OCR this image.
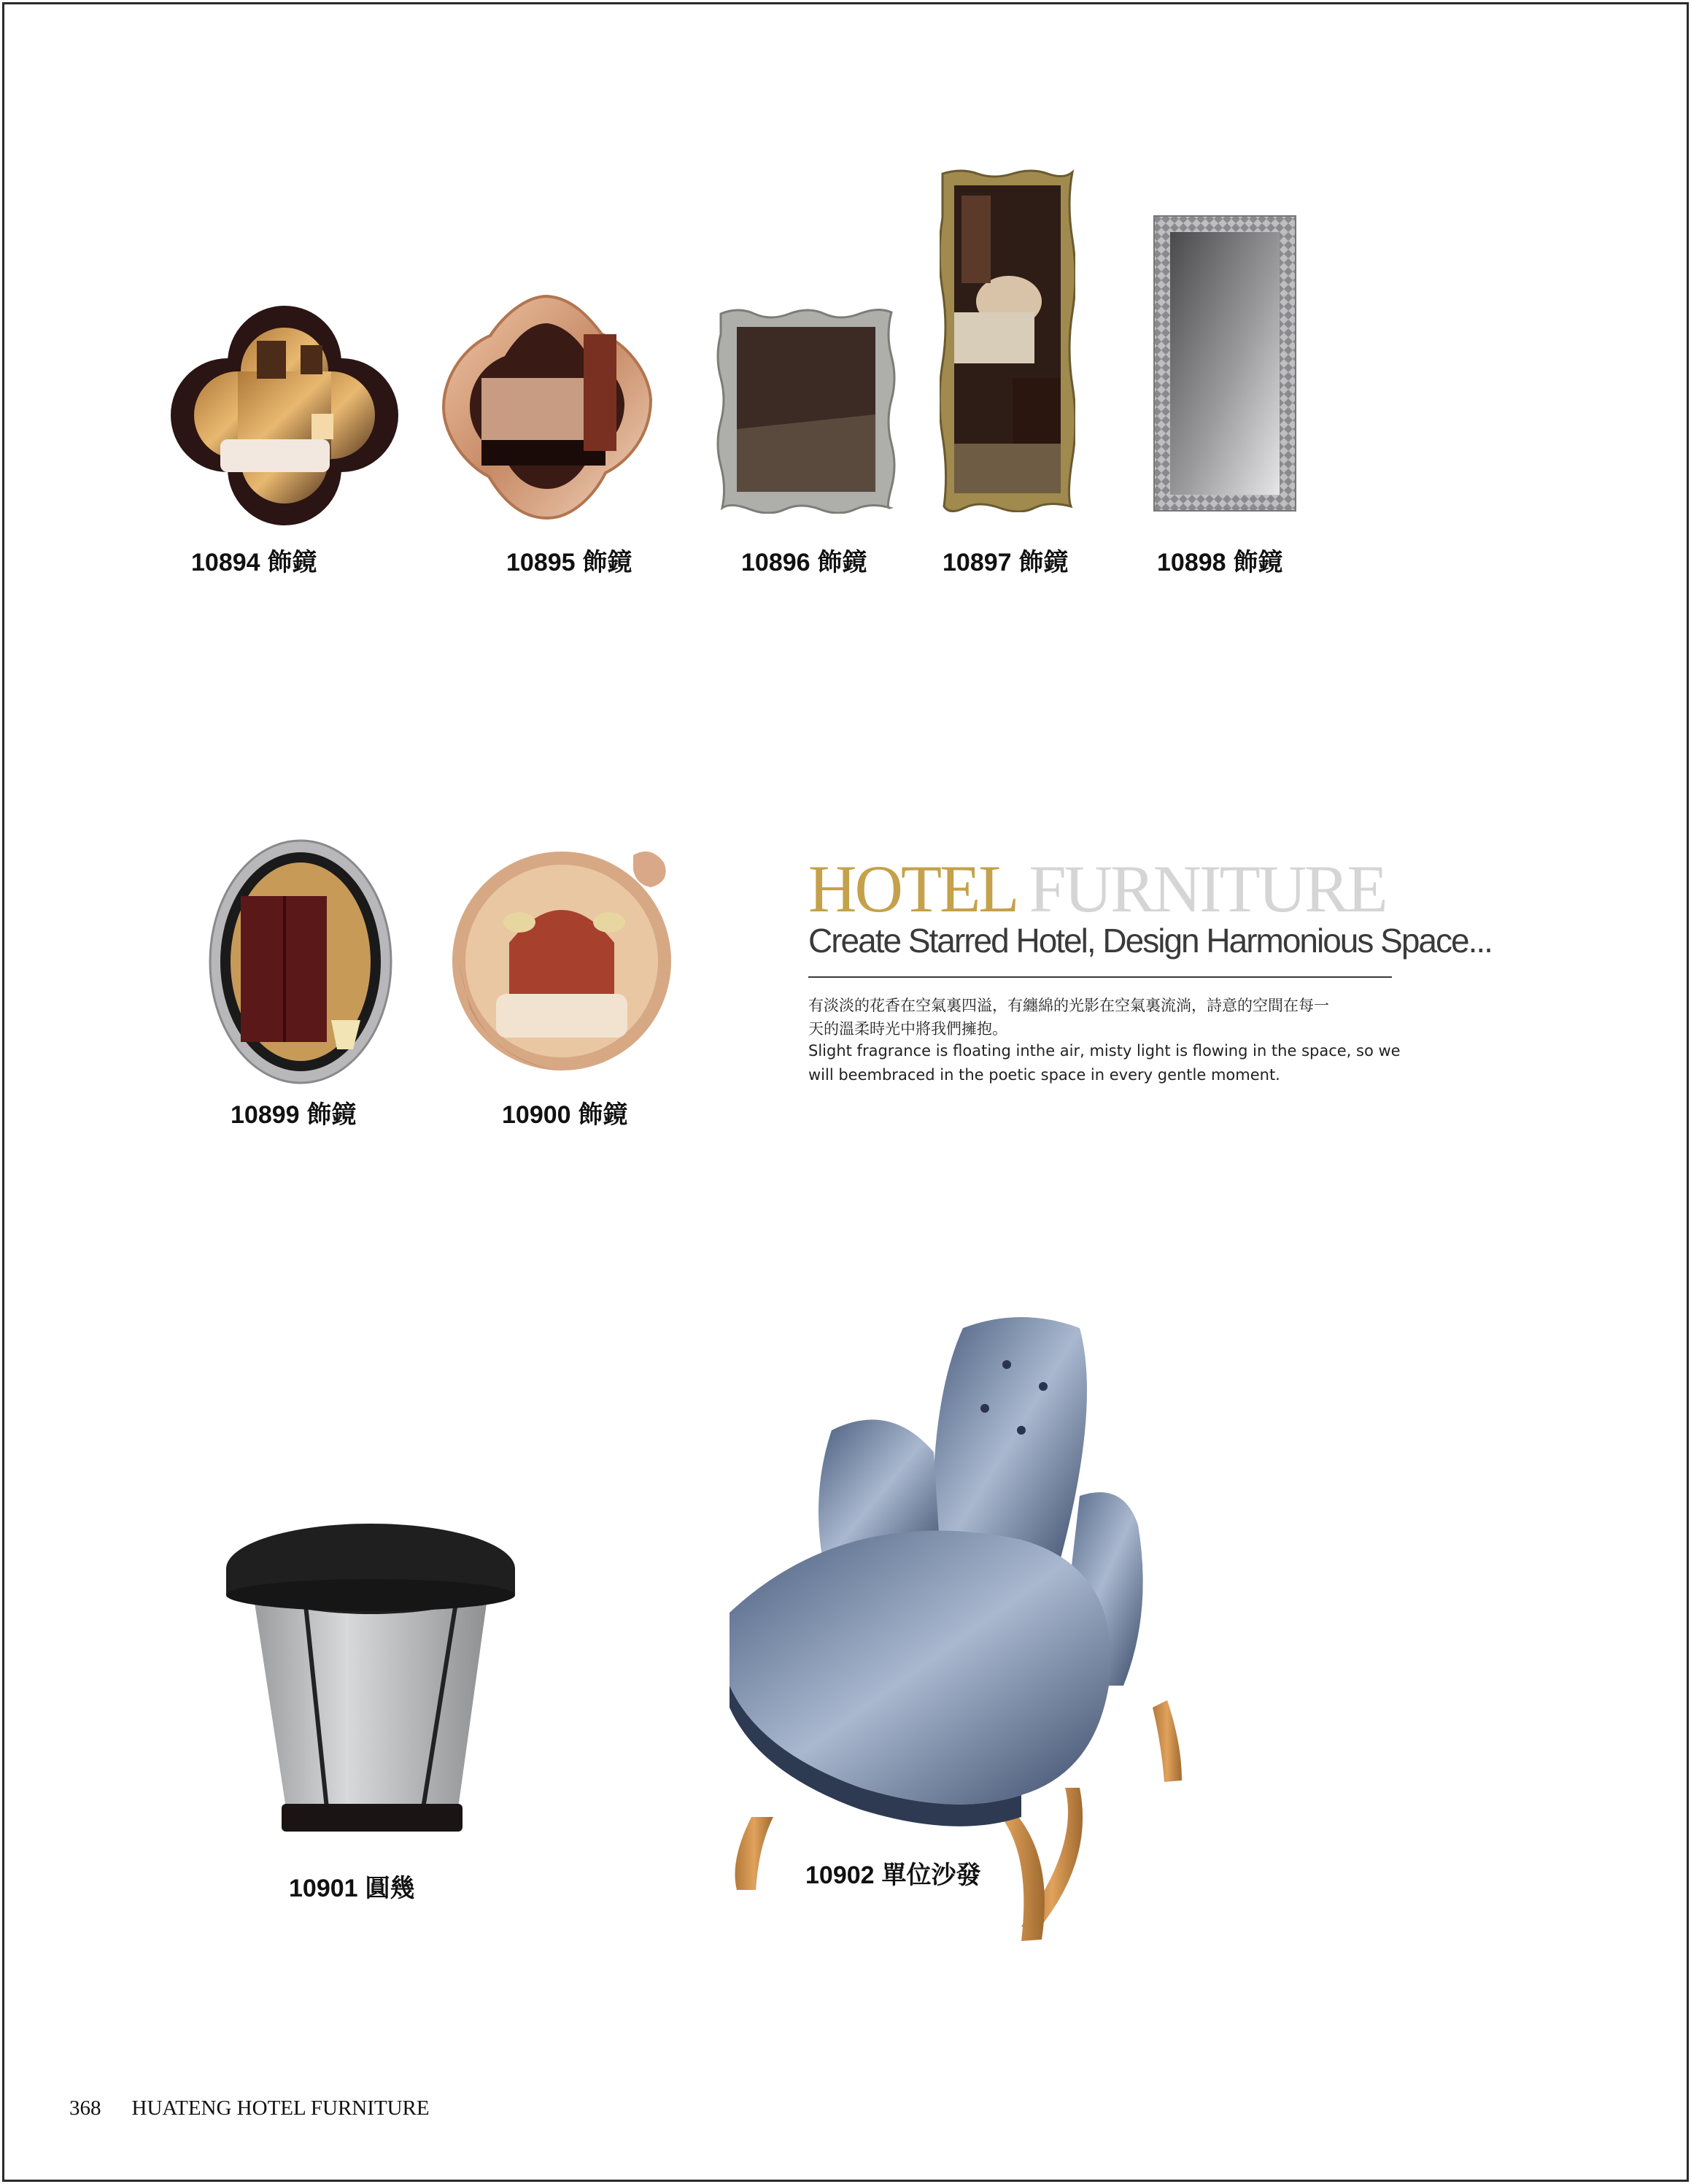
10894 飾鏡	10895 飾鏡	10896 飾鏡	10897 飾鏡	10898 飾鏡
10899 飾鏡	10900 飾鏡
HOTEL FURNITURE
Create Starred Hotel, Design Harmonious Space...
有淡淡的花香在空氣裏四溢，有纏綿的光影在空氣裏流淌，詩意的空間在每一
天的溫柔時光中將我們擁抱。
Slight fragrance is floating inthe air, misty light is flowing in the space, so we
will beembraced in the poetic space in every gentle moment.
10901 圓幾	10902 單位沙發
368 HUATENG HOTEL FURNITURE
